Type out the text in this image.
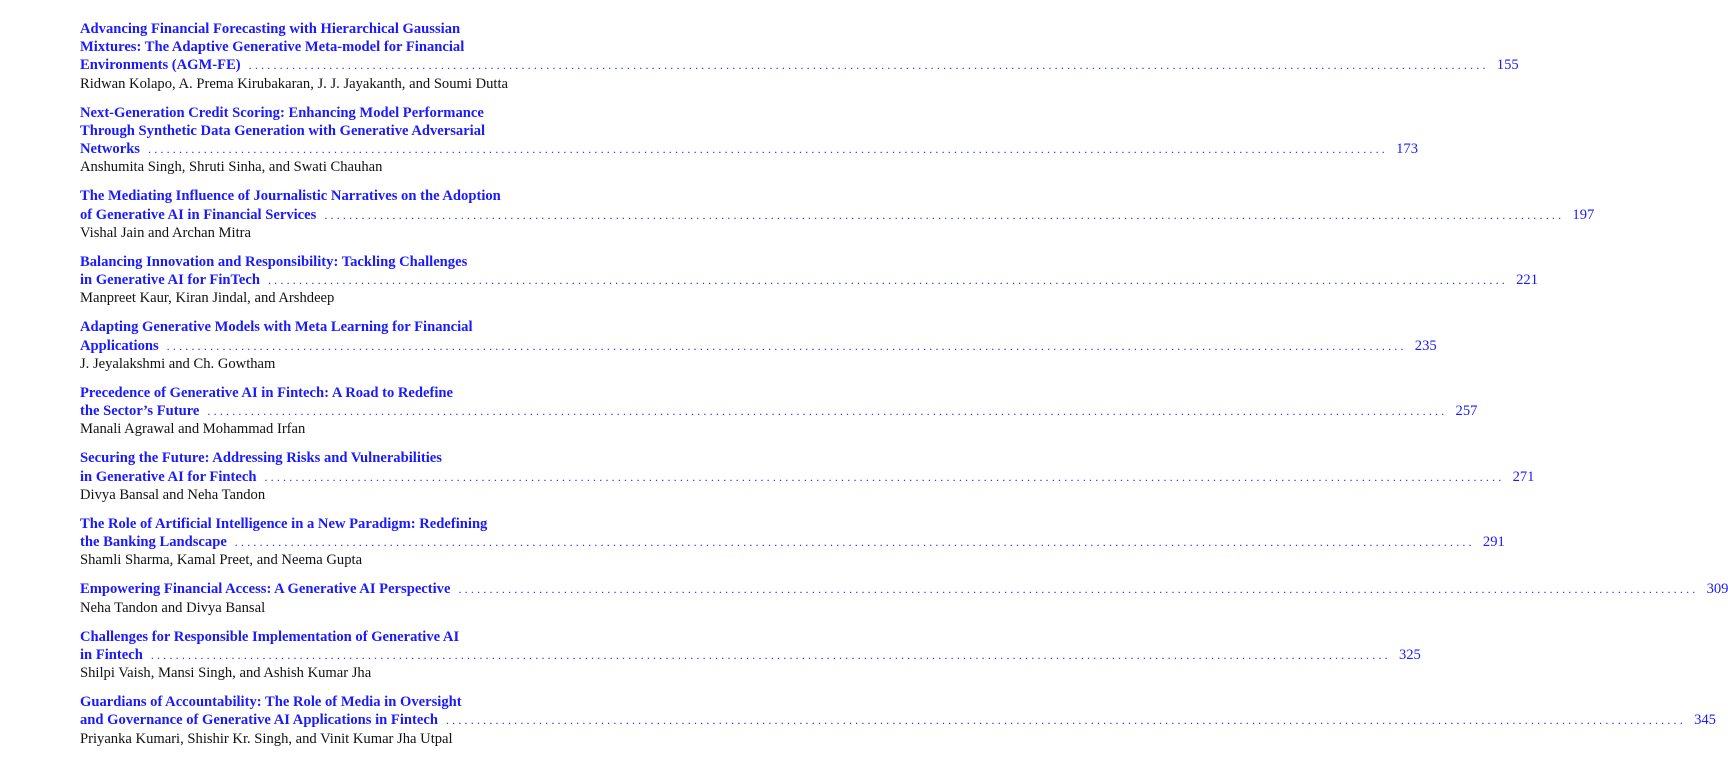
Advancing Financial Forecasting with Hierarchical Gaussian
Mixtures: The Adaptive Generative Meta-model for Financial
Environments (AGM-FE) ........................................................................................................................................................................................................ 155
Ridwan Kolapo, A. Prema Kirubakaran, J. J. Jayakanth, and Soumi Dutta
Next-Generation Credit Scoring: Enhancing Model Performance
Through Synthetic Data Generation with Generative Adversarial
Networks ........................................................................................................................................................................................................ 173
Anshumita Singh, Shruti Sinha, and Swati Chauhan
The Mediating Influence of Journalistic Narratives on the Adoption
of Generative AI in Financial Services ........................................................................................................................................................................................................ 197
Vishal Jain and Archan Mitra
Balancing Innovation and Responsibility: Tackling Challenges
in Generative AI for FinTech ........................................................................................................................................................................................................ 221
Manpreet Kaur, Kiran Jindal, and Arshdeep
Adapting Generative Models with Meta Learning for Financial
Applications ........................................................................................................................................................................................................ 235
J. Jeyalakshmi and Ch. Gowtham
Precedence of Generative AI in Fintech: A Road to Redefine
the Sector’s Future ........................................................................................................................................................................................................ 257
Manali Agrawal and Mohammad Irfan
Securing the Future: Addressing Risks and Vulnerabilities
in Generative AI for Fintech ........................................................................................................................................................................................................ 271
Divya Bansal and Neha Tandon
The Role of Artificial Intelligence in a New Paradigm: Redefining
the Banking Landscape ........................................................................................................................................................................................................ 291
Shamli Sharma, Kamal Preet, and Neema Gupta
Empowering Financial Access: A Generative AI Perspective ........................................................................................................................................................................................................ 309
Neha Tandon and Divya Bansal
Challenges for Responsible Implementation of Generative AI
in Fintech ........................................................................................................................................................................................................ 325
Shilpi Vaish, Mansi Singh, and Ashish Kumar Jha
Guardians of Accountability: The Role of Media in Oversight
and Governance of Generative AI Applications in Fintech ........................................................................................................................................................................................................ 345
Priyanka Kumari, Shishir Kr. Singh, and Vinit Kumar Jha Utpal
